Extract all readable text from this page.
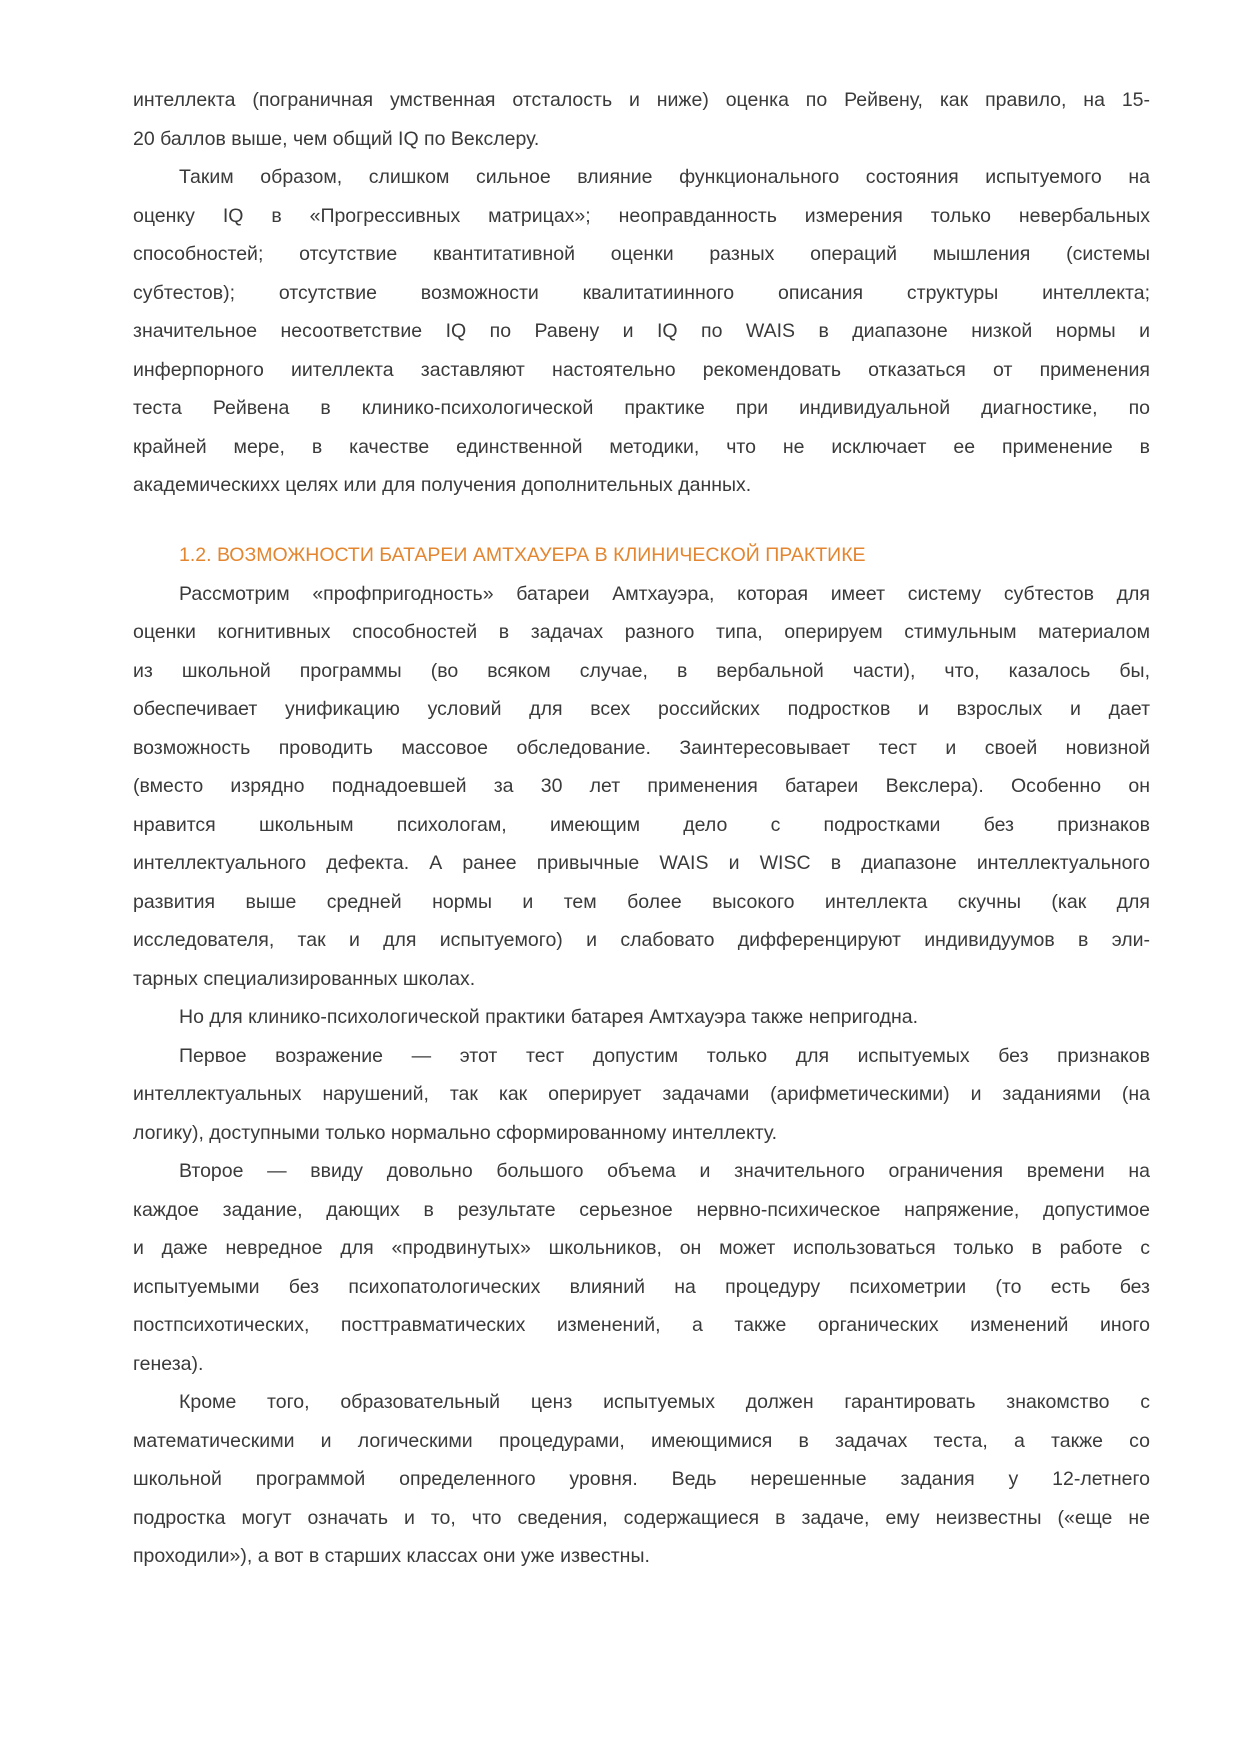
интеллекта (пограничная умственная отсталость и ниже) оценка по Рейвену, как правило, на 15-
20 баллов выше, чем общий IQ по Векслеру.
Таким образом, слишком сильное влияние функционального состояния испытуемого на
оценку IQ в «Прогрессивных матрицах»; неоправданность измерения только невербальных
способностей; отсутствие квантитативной оценки разных операций мышления (системы
субтестов); отсутствие возможности квалитатиинного описания структуры интеллекта;
значительное несоответствие IQ по Равену и IQ по WAIS в диапазоне низкой нормы и
инферпорного иителлекта заставляют настоятельно рекомендовать отказаться от применения
теста Рейвена в клинико-психологической практике при индивидуальной диагностике, по
крайней мере, в качестве единственной методики, что не исключает ее применение в
академическихх целях или для получения дополнительных данных.
1.2. ВОЗМОЖНОСТИ БАТАРЕИ АМТХАУЕРА В КЛИНИЧЕСКОЙ ПРАКТИКЕ
Рассмотрим «профпригодность» батареи Амтхауэра, которая имеет систему субтестов для
оценки когнитивных способностей в задачах разного типа, оперируем стимульным материалом
из школьной программы (во всяком случае, в вербальной части), что, казалось бы,
обеспечивает унификацию условий для всех российских подростков и взрослых и дает
возможность проводить массовое обследование. Заинтересовывает тест и своей новизной
(вместо изрядно поднадоевшей за 30 лет применения батареи Векслера). Особенно он
нравится школьным психологам, имеющим дело с подростками без признаков
интеллектуального дефекта. А ранее привычные WAIS и WISC в диапазоне интеллектуального
развития выше средней нормы и тем более высокого интеллекта скучны (как для
исследователя, так и для испытуемого) и слабовато дифференцируют индивидуумов в эли-
тарных специализированных школах.
Но для клинико-психологической практики батарея Амтхауэра также непригодна.
Первое возражение — этот тест допустим только для испытуемых без признаков
интеллектуальных нарушений, так как оперирует задачами (арифметическими) и заданиями (на
логику), доступными только нормально сформированному интеллекту.
Второе — ввиду довольно большого объема и значительного ограничения времени на
каждое задание, дающих в результате серьезное нервно-психическое напряжение, допустимое
и даже невредное для «продвинутых» школьников, он может использоваться только в работе с
испытуемыми без психопатологических влияний на процедуру психометрии (то есть без
постпсихотических, посттравматических изменений, а также органических изменений иного
генеза).
Кроме того, образовательный ценз испытуемых должен гарантировать знакомство с
математическими и логическими процедурами, имеющимися в задачах теста, а также со
школьной программой определенного уровня. Ведь нерешенные задания у 12-летнего
подростка могут означать и то, что сведения, содержащиеся в задаче, ему неизвестны («еще не
проходили»), а вот в старших классах они уже известны.
